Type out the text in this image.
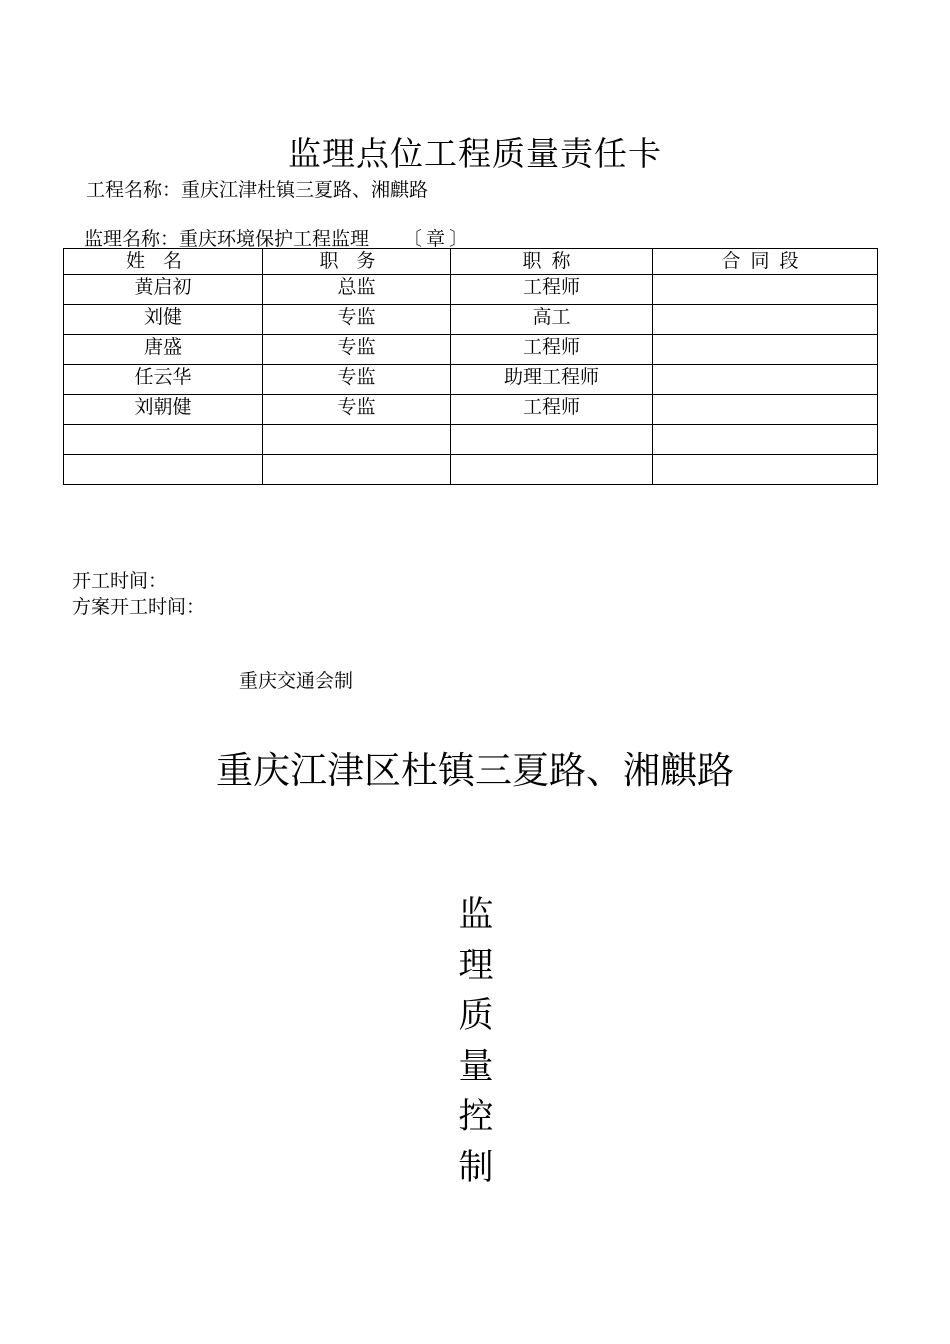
监理点位工程质量责任卡
工程名称：重庆江津杜镇三夏路、湘麒路
监理名称：重庆环境保护工程监理 〔章〕
姓名	职务	职称	合同段
黄启初	总监	工程师	
刘健	专监	高工	
唐盛	专监	工程师	
任云华	专监	助理工程师	
刘朝健	专监	工程师	

开工时间：
方案开工时间：
重庆交通会制
重庆江津区杜镇三夏路、湘麒路
监
理
质
量
控
制
